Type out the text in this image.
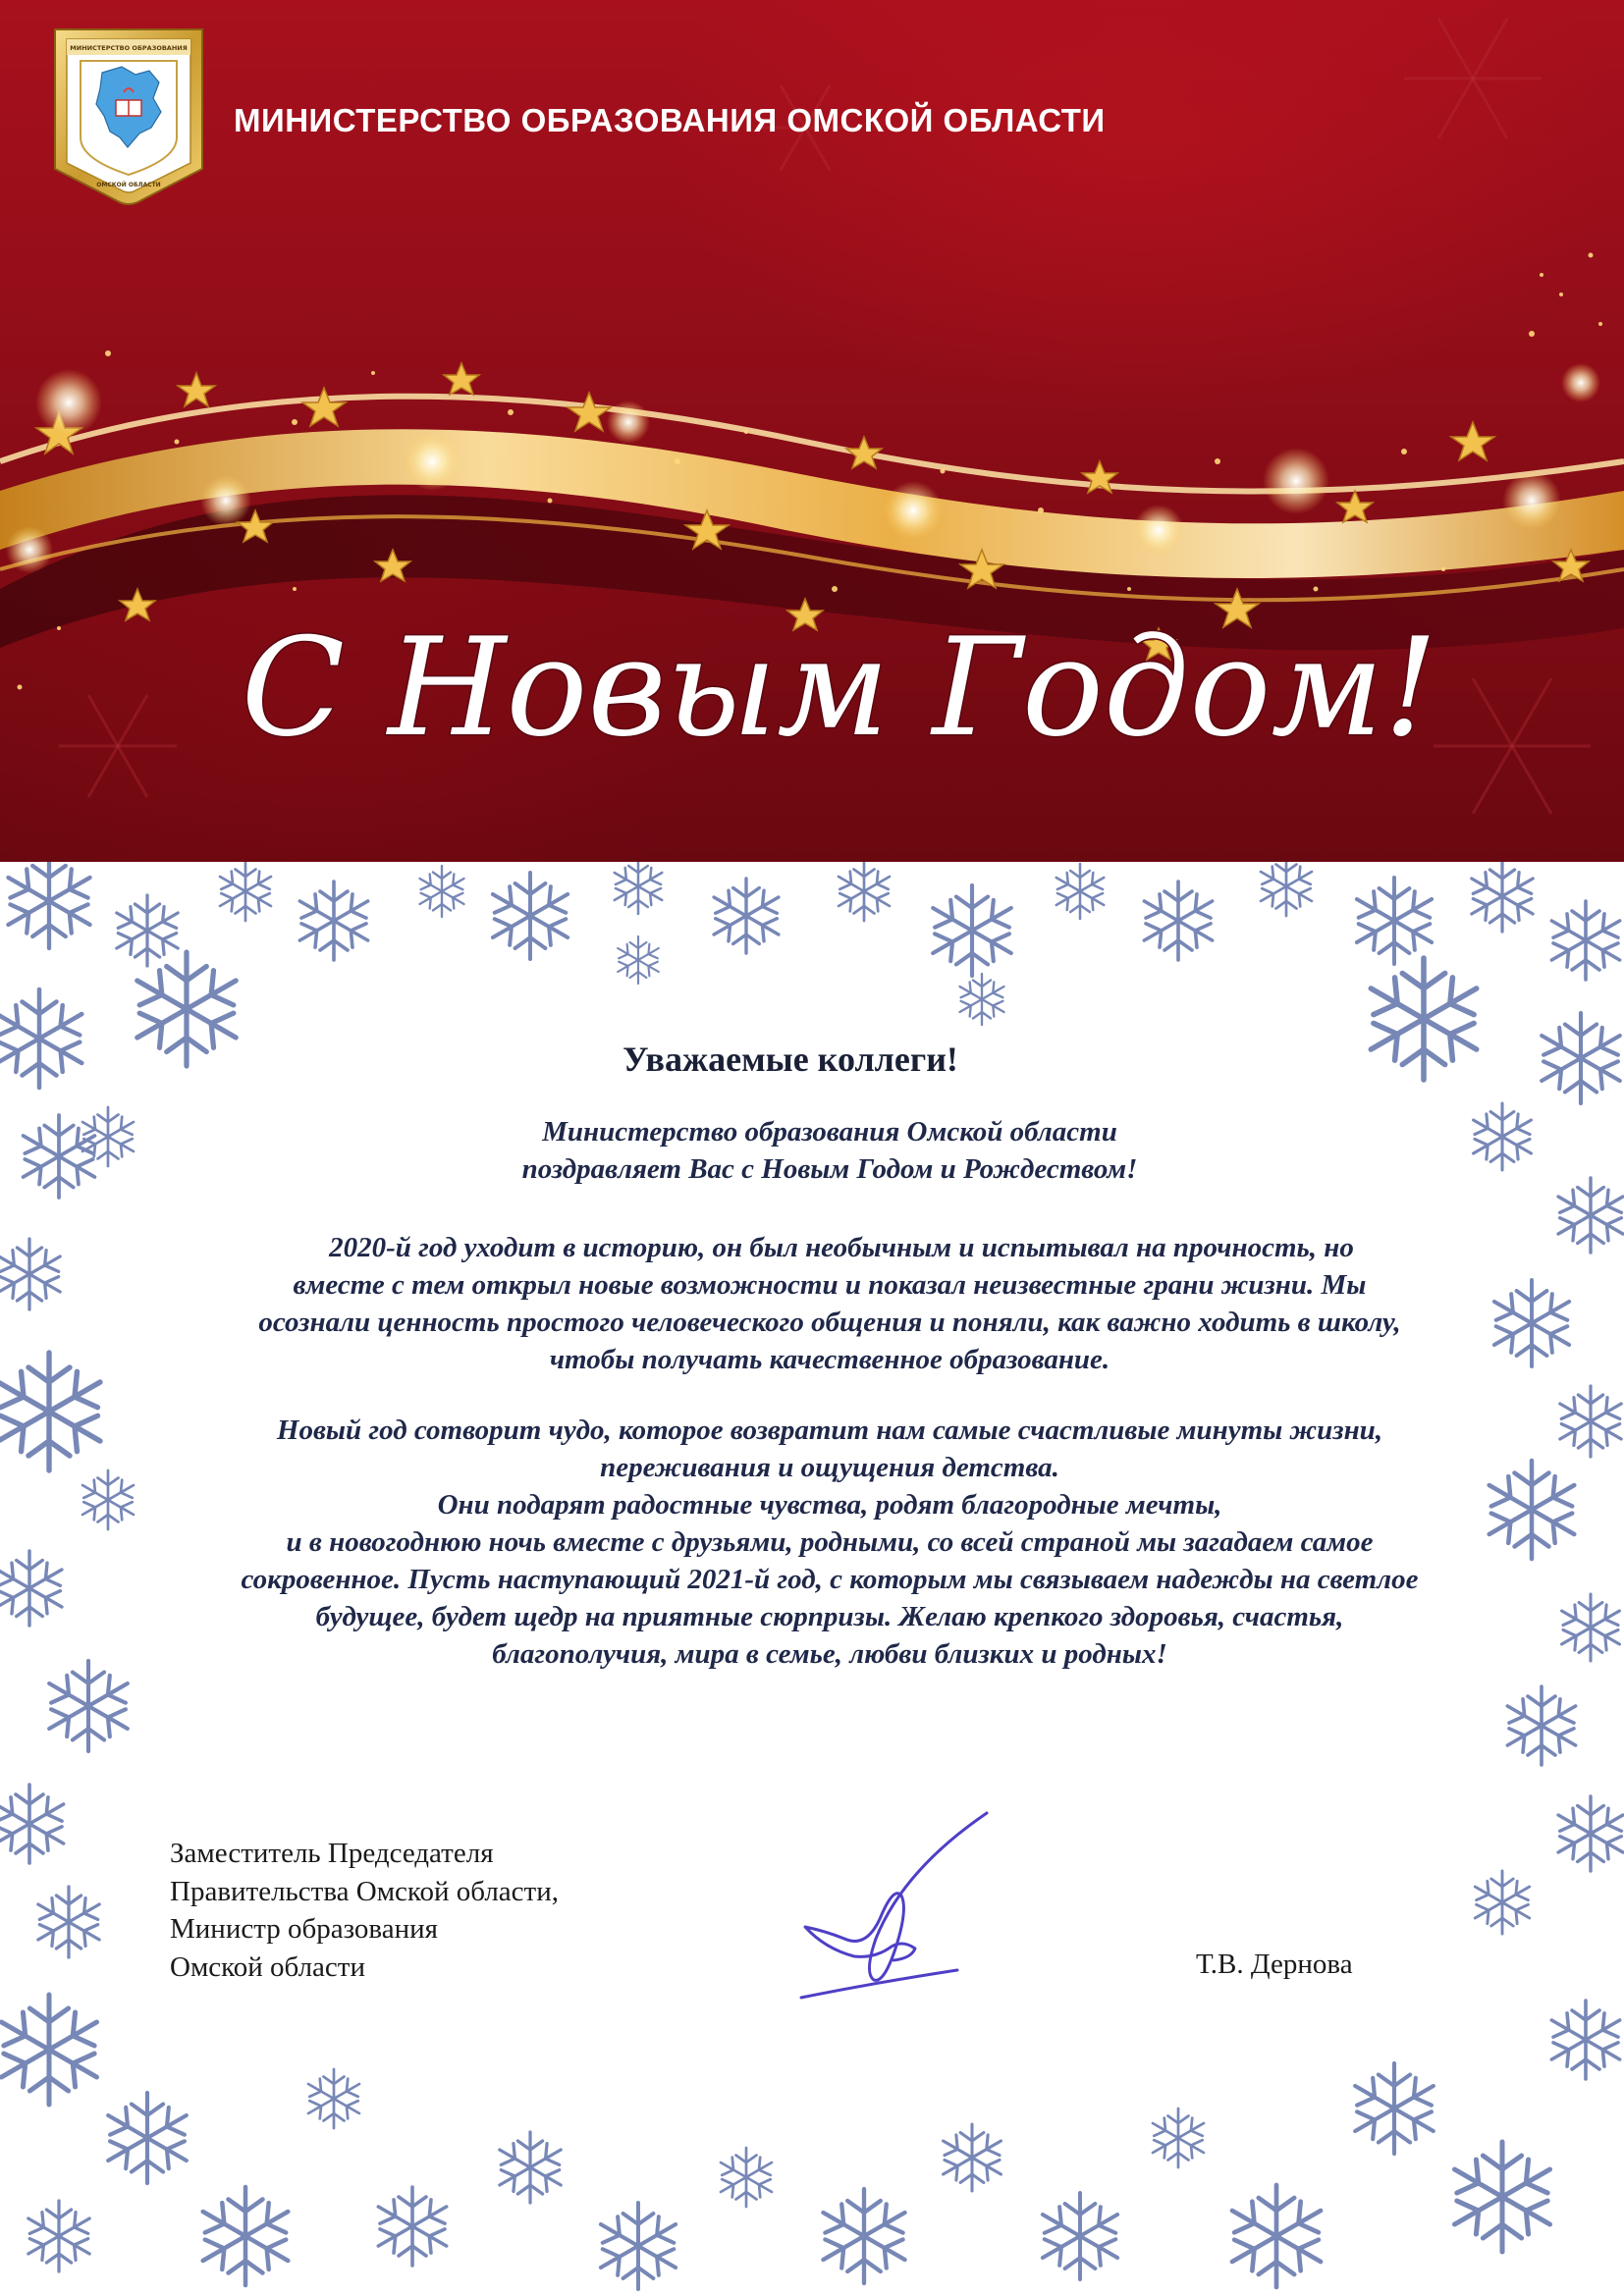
МИНИСТЕРСТВО ОБРАЗОВАНИЯ
ОМСКОЙ ОБЛАСТИ
МИНИСТЕРСТВО ОБРАЗОВАНИЯ ОМСКОЙ ОБЛАСТИ
С Новым Годом!
Уважаемые коллеги!
Министерство образования Омской области
поздравляет Вас с Новым Годом и Рождеством!
2020-й год уходит в историю, он был необычным и испытывал на прочность, но
вместе с тем открыл новые возможности и показал неизвестные грани жизни. Мы
осознали ценность простого человеческого общения и поняли, как важно ходить в школу,
чтобы получать качественное образование.
Новый год сотворит чудо, которое возвратит нам самые счастливые минуты жизни,
переживания и ощущения детства.
Они подарят радостные чувства, родят благородные мечты,
и в новогоднюю ночь вместе с друзьями, родными, со всей страной мы загадаем самое
сокровенное. Пусть наступающий 2021-й год, с которым мы связываем надежды на светлое
будущее, будет щедр на приятные сюрпризы. Желаю крепкого здоровья, счастья,
благополучия, мира в семье, любви близких и родных!
Заместитель Председателя
Правительства Омской области,
Министр образования
Омской области	Т.В. Дернова
